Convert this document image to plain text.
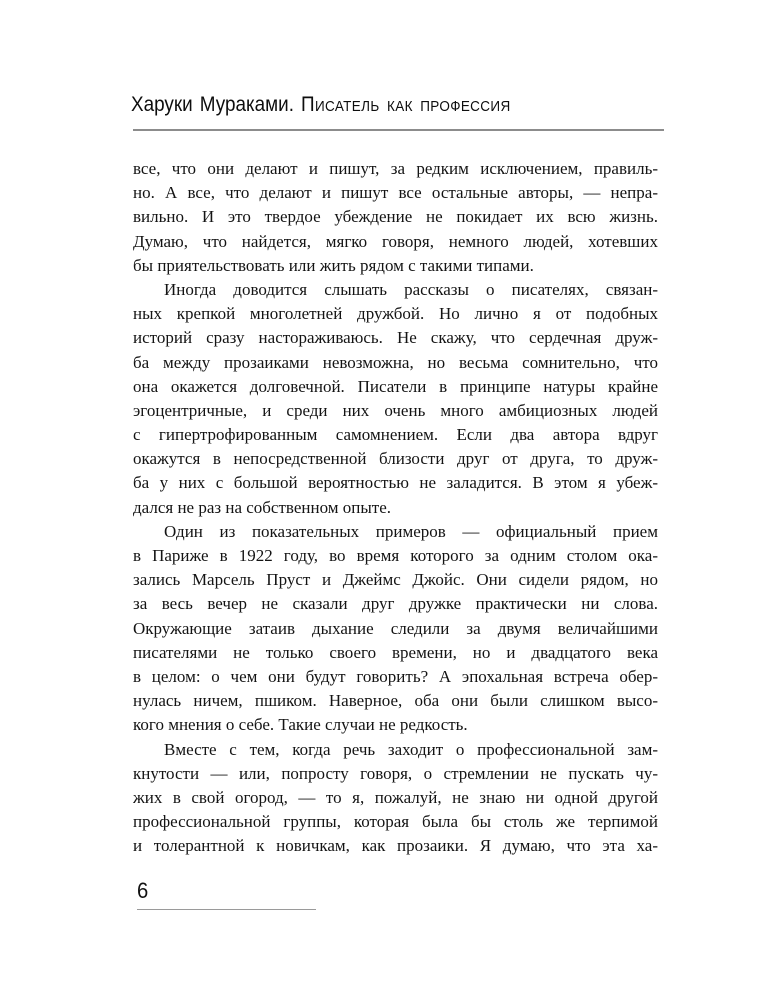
Харуки Мураками. Писатель как профессия
все, что они делают и пишут, за редким исключением, правиль-
но. А все, что делают и пишут все остальные авторы, — непра-
вильно. И это твердое убеждение не покидает их всю жизнь.
Думаю, что найдется, мягко говоря, немного людей, хотевших
бы приятельствовать или жить рядом с такими типами.
Иногда доводится слышать рассказы о писателях, связан-
ных крепкой многолетней дружбой. Но лично я от подобных
историй сразу настораживаюсь. Не скажу, что сердечная друж-
ба между прозаиками невозможна, но весьма сомнительно, что
она окажется долговечной. Писатели в принципе натуры крайне
эгоцентричные, и среди них очень много амбициозных людей
с гипертрофированным самомнением. Если два автора вдруг
окажутся в непосредственной близости друг от друга, то друж-
ба у них с большой вероятностью не заладится. В этом я убеж-
дался не раз на собственном опыте.
Один из показательных примеров — официальный прием
в Париже в 1922 году, во время которого за одним столом ока-
зались Марсель Пруст и Джеймс Джойс. Они сидели рядом, но
за весь вечер не сказали друг дружке практически ни слова.
Окружающие затаив дыхание следили за двумя величайшими
писателями не только своего времени, но и двадцатого века
в целом: о чем они будут говорить? А эпохальная встреча обер-
нулась ничем, пшиком. Наверное, оба они были слишком высо-
кого мнения о себе. Такие случаи не редкость.
Вместе с тем, когда речь заходит о профессиональной зам-
кнутости — или, попросту говоря, о стремлении не пускать чу-
жих в свой огород, — то я, пожалуй, не знаю ни одной другой
профессиональной группы, которая была бы столь же терпимой
и толерантной к новичкам, как прозаики. Я думаю, что эта ха-
6
